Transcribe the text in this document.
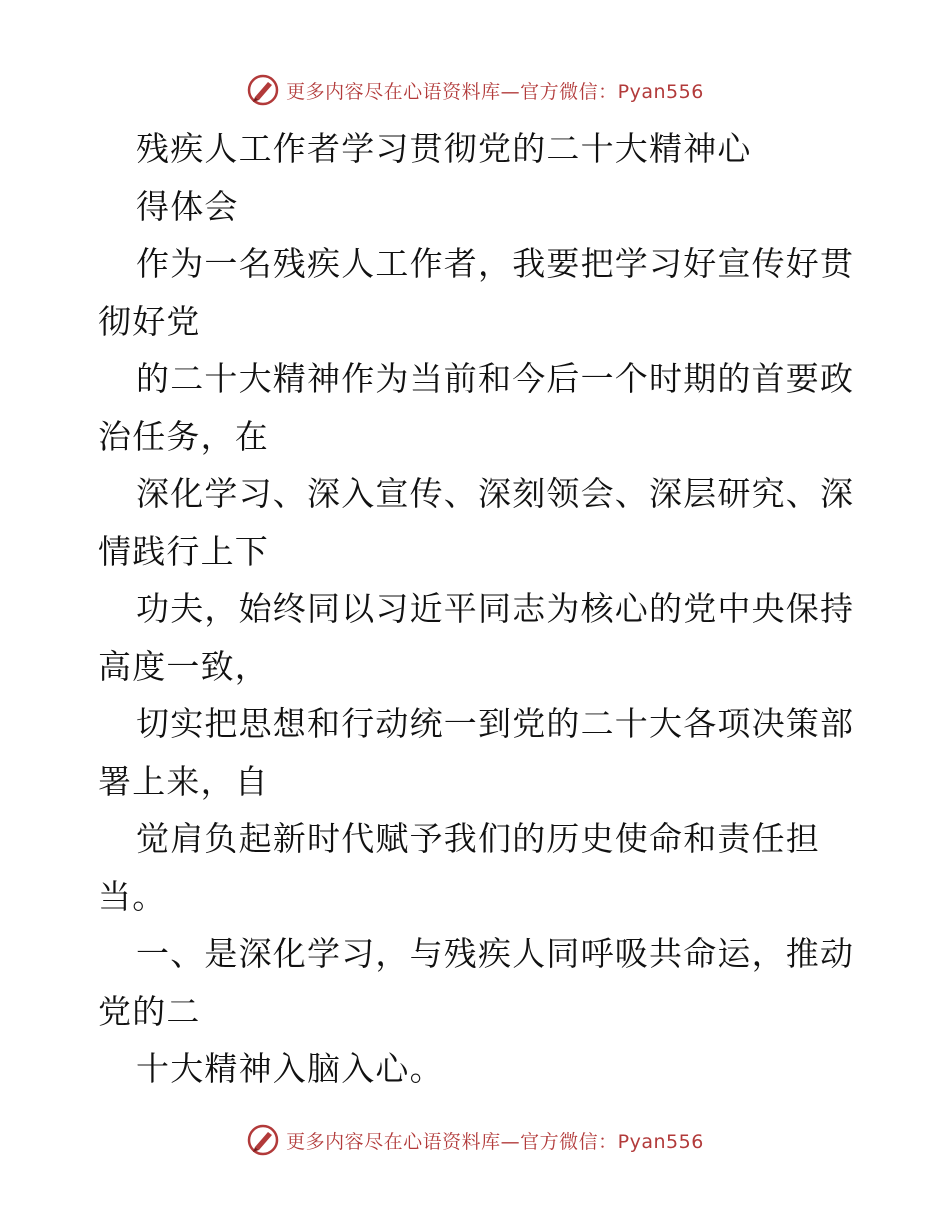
更多内容尽在心语资料库—官方微信：Pyan556
残疾人工作者学习贯彻党的二十大精神心
得体会
作为一名残疾人工作者，我要把学习好宣传好贯
彻好党
的二十大精神作为当前和今后一个时期的首要政
治任务，在
深化学习、深入宣传、深刻领会、深层研究、深
情践行上下
功夫，始终同以习近平同志为核心的党中央保持
高度一致，
切实把思想和行动统一到党的二十大各项决策部
署上来，自
觉肩负起新时代赋予我们的历史使命和责任担
当。
一、是深化学习，与残疾人同呼吸共命运，推动
党的二
十大精神入脑入心。
更多内容尽在心语资料库—官方微信：Pyan556
